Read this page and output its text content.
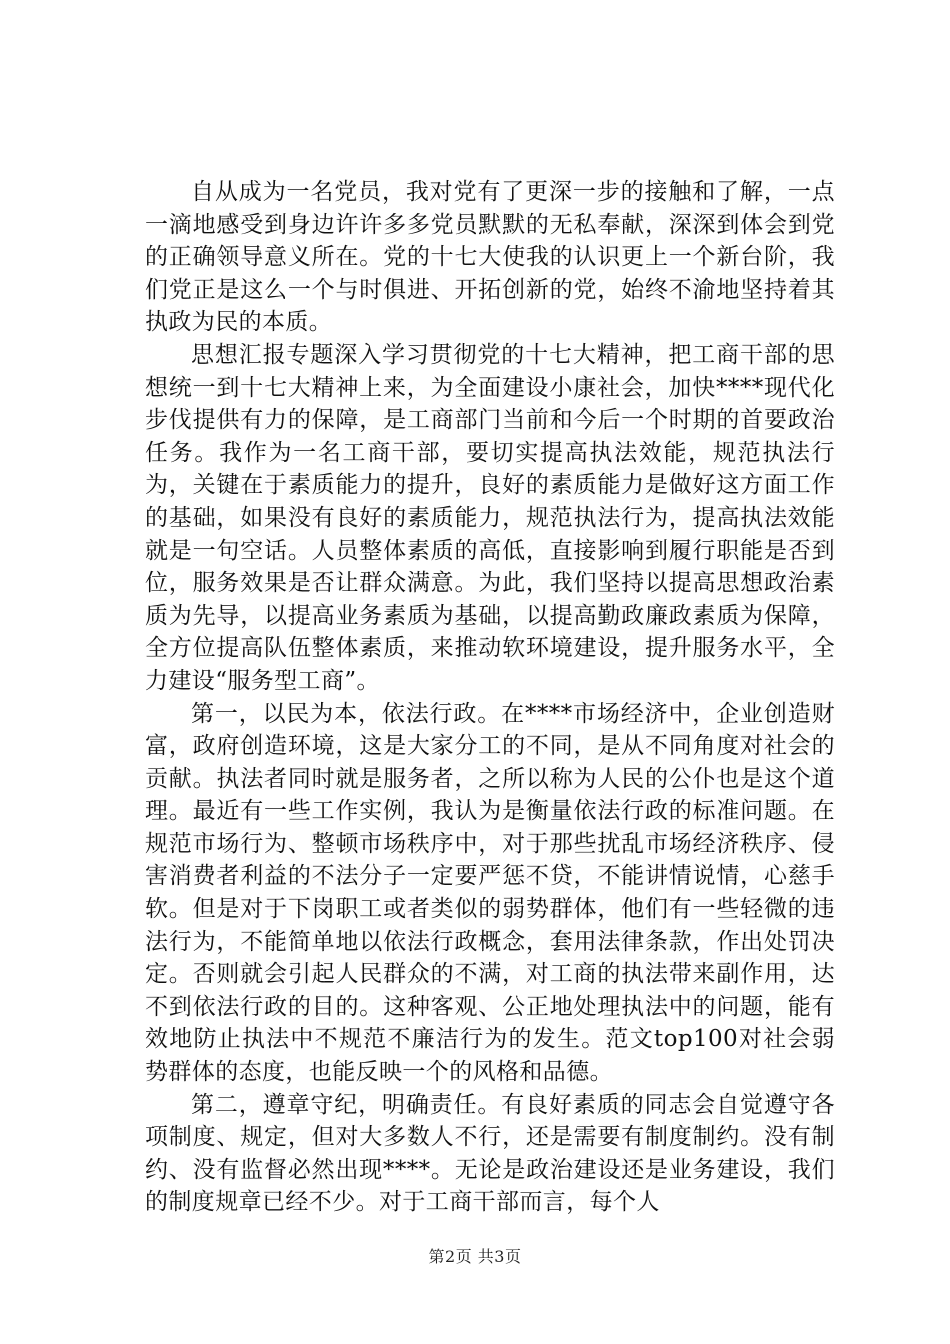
自从成为一名党员，我对党有了更深一步的接触和了解，一点一滴地感受到身边许许多多党员默默的无私奉献，深深到体会到党的正确领导意义所在。党的十七大使我的认识更上一个新台阶，我们党正是这么一个与时俱进、开拓创新的党，始终不渝地坚持着其执政为民的本质。

思想汇报专题深入学习贯彻党的十七大精神，把工商干部的思想统一到十七大精神上来，为全面建设小康社会，加快****现代化步伐提供有力的保障，是工商部门当前和今后一个时期的首要政治任务。我作为一名工商干部，要切实提高执法效能，规范执法行为，关键在于素质能力的提升，良好的素质能力是做好这方面工作的基础，如果没有良好的素质能力，规范执法行为，提高执法效能就是一句空话。人员整体素质的高低，直接影响到履行职能是否到位，服务效果是否让群众满意。为此，我们坚持以提高思想政治素质为先导，以提高业务素质为基础，以提高勤政廉政素质为保障，全方位提高队伍整体素质，来推动软环境建设，提升服务水平，全力建设“服务型工商”。

第一，以民为本，依法行政。在****市场经济中，企业创造财富，政府创造环境，这是大家分工的不同，是从不同角度对社会的贡献。执法者同时就是服务者，之所以称为人民的公仆也是这个道理。最近有一些工作实例，我认为是衡量依法行政的标准问题。在规范市场行为、整顿市场秩序中，对于那些扰乱市场经济秩序、侵害消费者利益的不法分子一定要严惩不贷，不能讲情说情，心慈手软。但是对于下岗职工或者类似的弱势群体，他们有一些轻微的违法行为，不能简单地以依法行政概念，套用法律条款，作出处罚决定。否则就会引起人民群众的不满，对工商的执法带来副作用，达不到依法行政的目的。这种客观、公正地处理执法中的问题，能有效地防止执法中不规范不廉洁行为的发生。范文top100对社会弱势群体的态度，也能反映一个的风格和品德。

第二，遵章守纪，明确责任。有良好素质的同志会自觉遵守各项制度、规定，但对大多数人不行，还是需要有制度制约。没有制约、没有监督必然出现****。无论是政治建设还是业务建设，我们的制度规章已经不少。对于工商干部而言，每个人

第2页 共3页
